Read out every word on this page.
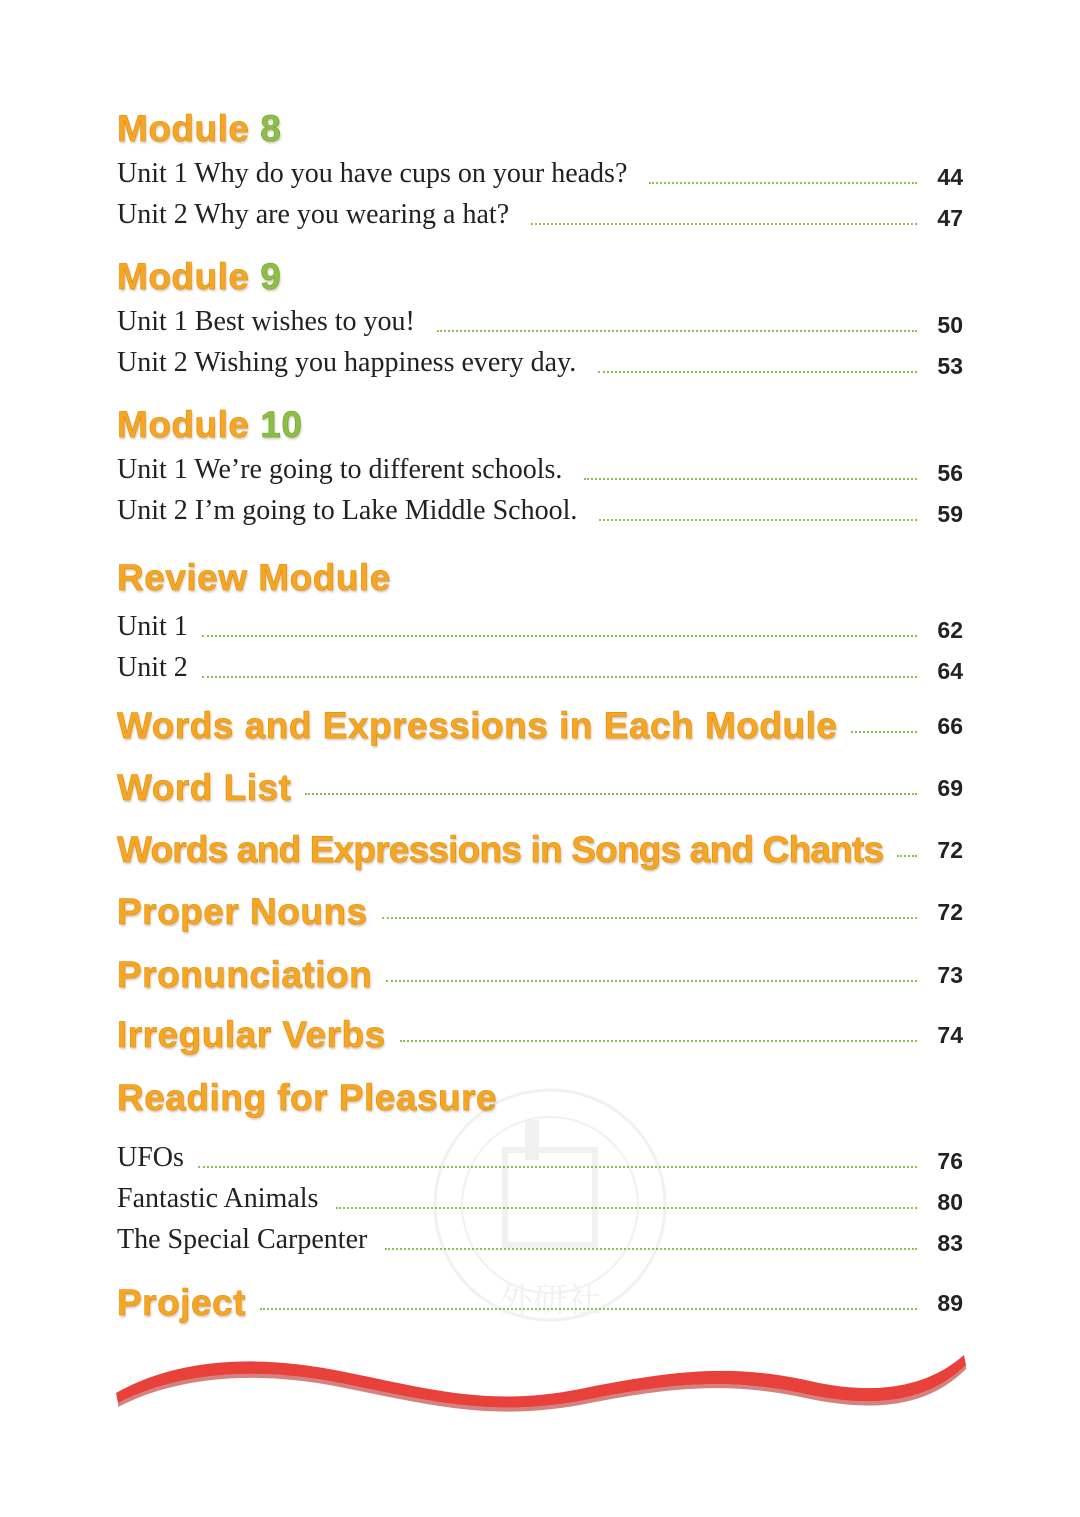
Module 8
Unit 1 Why do you have cups on your heads?	44
Unit 2 Why are you wearing a hat?	47
Module 9
Unit 1 Best wishes to you!	50
Unit 2 Wishing you happiness every day.	53
Module 10
Unit 1 We’re going to different schools.	56
Unit 2 I’m going to Lake Middle School.	59
Review Module
Unit 1	62
Unit 2	64
Words and Expressions in Each Module	66
Word List	69
Words and Expressions in Songs and Chants 72
Proper Nouns	72
Pronunciation	73
Irregular Verbs	74
Reading for Pleasure
UFOs	76
Fantastic Animals	80
The Special Carpenter	83
Project	89
外研社
